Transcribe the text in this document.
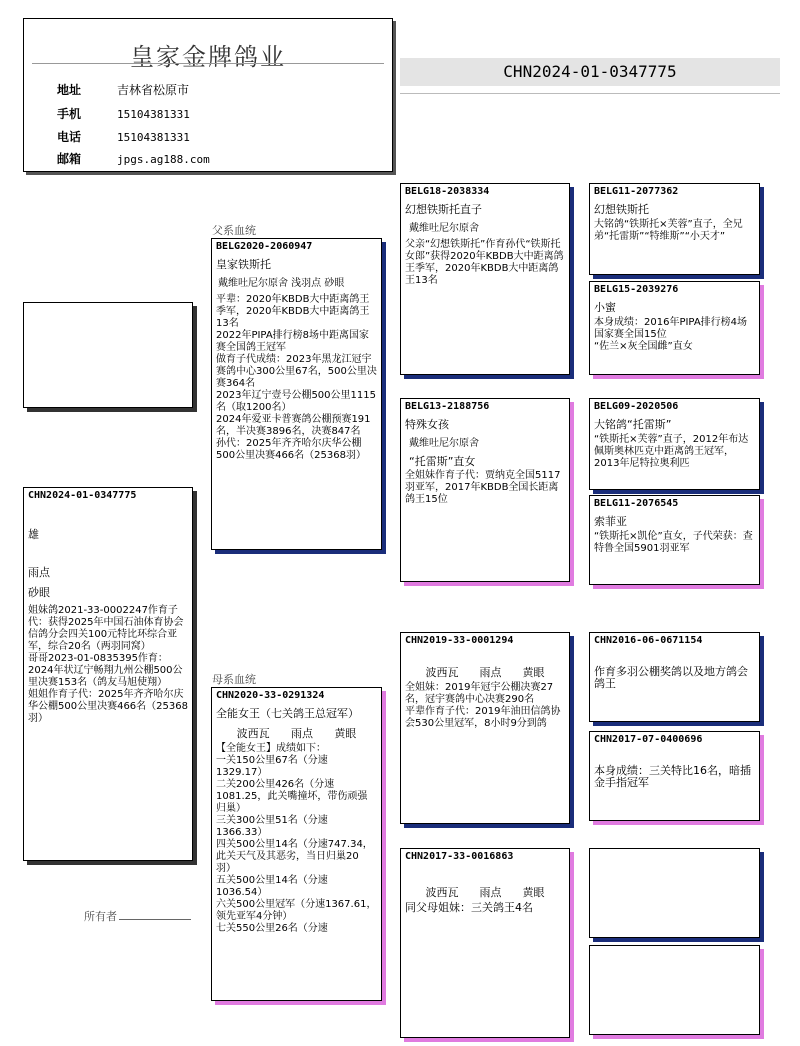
皇家金牌鸽业
地址	吉林省松原市
手机	15104381331
电话	15104381331
邮箱	jpgs.ag188.com
CHN2024-01-0347775
CHN2024-01-0347775
雄
雨点
砂眼
姐妹鸽2021-33-0002247作育子代：获得2025年中国石油体育协会信鸽分会四关100元特比环综合亚军，综合20名（两羽同窝）
哥哥2023-01-0835395作育：2024年状辽宁畅翔九州公棚500公里决赛153名（鸽友马旭使翔）
姐姐作育子代：2025年齐齐哈尔庆华公棚500公里决赛466名（25368羽）
所有者
父系血统
BELG2020-2060947
皇家铁斯托
戴维吐尼尔原舍 浅羽点 砂眼
平辈：2020年KBDB大中距离鸽王季军，2020年KBDB大中距离鸽王13名
2022年PIPA排行榜8场中距离国家赛全国鸽王冠军
做育子代成绩：2023年黑龙江冠宇赛鸽中心300公里67名，500公里决赛364名
2023年辽宁壹号公棚500公里1115名（取1200名）
2024年爱亚卡普赛鸽公棚预赛191名，半决赛3896名，决赛847名
孙代：2025年齐齐哈尔庆华公棚500公里决赛466名（25368羽）
母系血统
CHN2020-33-0291324
全能女王（七关鸽王总冠军）
波西瓦 雨点 黄眼
【全能女王】成绩如下：
一关150公里67名（分速1329.17）
二关200公里426名（分速1081.25，此关嘴撞坏，带伤顽强归巢）
三关300公里51名（分速1366.33）
四关500公里14名（分速747.34，此关天气及其恶劣，当日归巢20羽）
五关500公里14名（分速1036.54）
六关500公里冠军（分速1367.61，领先亚军4分钟）
七关550公里26名（分速
BELG18-2038334
幻想铁斯托直子
戴维吐尼尔原舍
父亲“幻想铁斯托”作育孙代“铁斯托女郎”获得2020年KBDB大中距离鸽王季军，2020年KBDB大中距离鸽王13名
BELG13-2188756
特殊女孩
戴维吐尼尔原舍
“托雷斯”直女
全姐妹作育子代：贾纳克全国5117羽亚军，2017年KBDB全国长距离鸽王15位
CHN2019-33-0001294
波西瓦 雨点 黄眼
全姐妹：2019年冠宇公棚决赛27名，冠宇赛鸽中心决赛290名
平辈作育子代：2019年油田信鸽协会530公里冠军，8小时9分到鸽
CHN2017-33-0016863
波西瓦 雨点 黄眼
同父母姐妹：三关鸽王4名
BELG11-2077362
幻想铁斯托
大铭鸽“铁斯托×芙蓉”直子，全兄弟“托雷斯”“特维斯”“小天才”
BELG15-2039276
小蜜
本身成绩：2016年PIPA排行榜4场国家赛全国15位
“佐兰×灰全国雌”直女
BELG09-2020506
大铭鸽“托雷斯”
“铁斯托×芙蓉”直子，2012年布达佩斯奥林匹克中距离鸽王冠军，2013年尼特拉奥利匹
BELG11-2076545
索菲亚
“铁斯托×凯伦”直女，子代荣获：查特鲁全国5901羽亚军
CHN2016-06-0671154
作育多羽公棚奖鸽以及地方鸽会鸽王
CHN2017-07-0400696
本身成绩：三关特比16名，暗插金手指冠军
